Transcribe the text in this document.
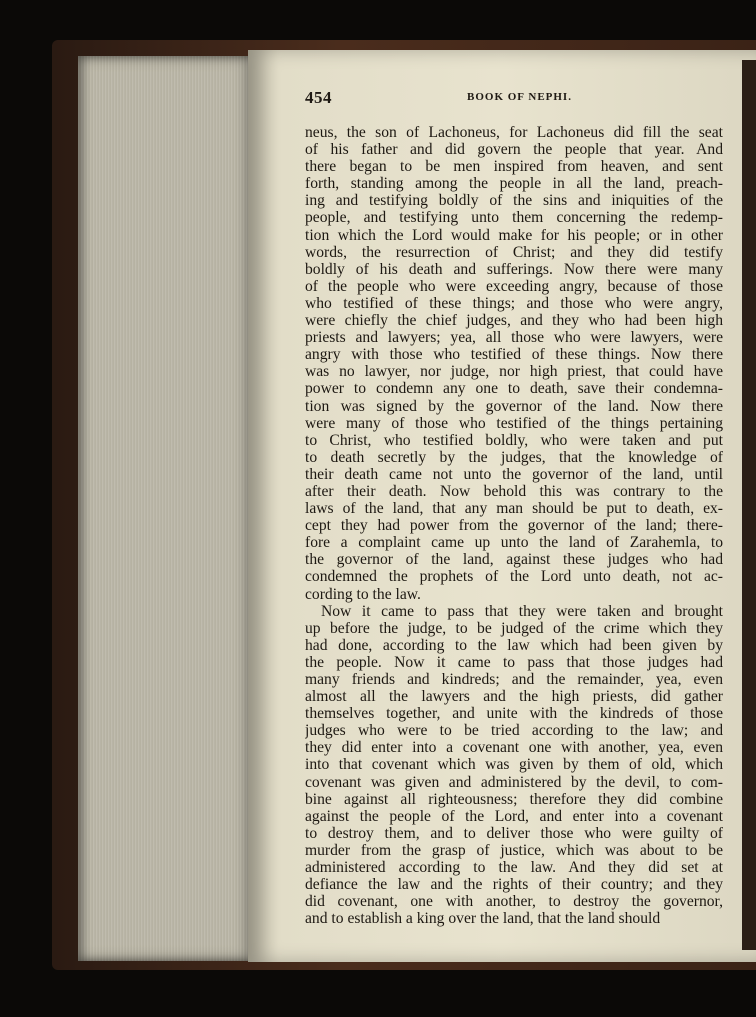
454	BOOK OF NEPHI.
neus, the son of Lachoneus, for Lachoneus did fill the seat
of his father and did govern the people that year. And
there began to be men inspired from heaven, and sent
forth, standing among the people in all the land, preach-
ing and testifying boldly of the sins and iniquities of the
people, and testifying unto them concerning the redemp-
tion which the Lord would make for his people; or in other
words, the resurrection of Christ; and they did testify
boldly of his death and sufferings. Now there were many
of the people who were exceeding angry, because of those
who testified of these things; and those who were angry,
were chiefly the chief judges, and they who had been high
priests and lawyers; yea, all those who were lawyers, were
angry with those who testified of these things. Now there
was no lawyer, nor judge, nor high priest, that could have
power to condemn any one to death, save their condemna-
tion was signed by the governor of the land. Now there
were many of those who testified of the things pertaining
to Christ, who testified boldly, who were taken and put
to death secretly by the judges, that the knowledge of
their death came not unto the governor of the land, until
after their death. Now behold this was contrary to the
laws of the land, that any man should be put to death, ex-
cept they had power from the governor of the land; there-
fore a complaint came up unto the land of Zarahemla, to
the governor of the land, against these judges who had
condemned the prophets of the Lord unto death, not ac-
cording to the law.
Now it came to pass that they were taken and brought
up before the judge, to be judged of the crime which they
had done, according to the law which had been given by
the people. Now it came to pass that those judges had
many friends and kindreds; and the remainder, yea, even
almost all the lawyers and the high priests, did gather
themselves together, and unite with the kindreds of those
judges who were to be tried according to the law; and
they did enter into a covenant one with another, yea, even
into that covenant which was given by them of old, which
covenant was given and administered by the devil, to com-
bine against all righteousness; therefore they did combine
against the people of the Lord, and enter into a covenant
to destroy them, and to deliver those who were guilty of
murder from the grasp of justice, which was about to be
administered according to the law. And they did set at
defiance the law and the rights of their country; and they
did covenant, one with another, to destroy the governor,
and to establish a king over the land, that the land should
